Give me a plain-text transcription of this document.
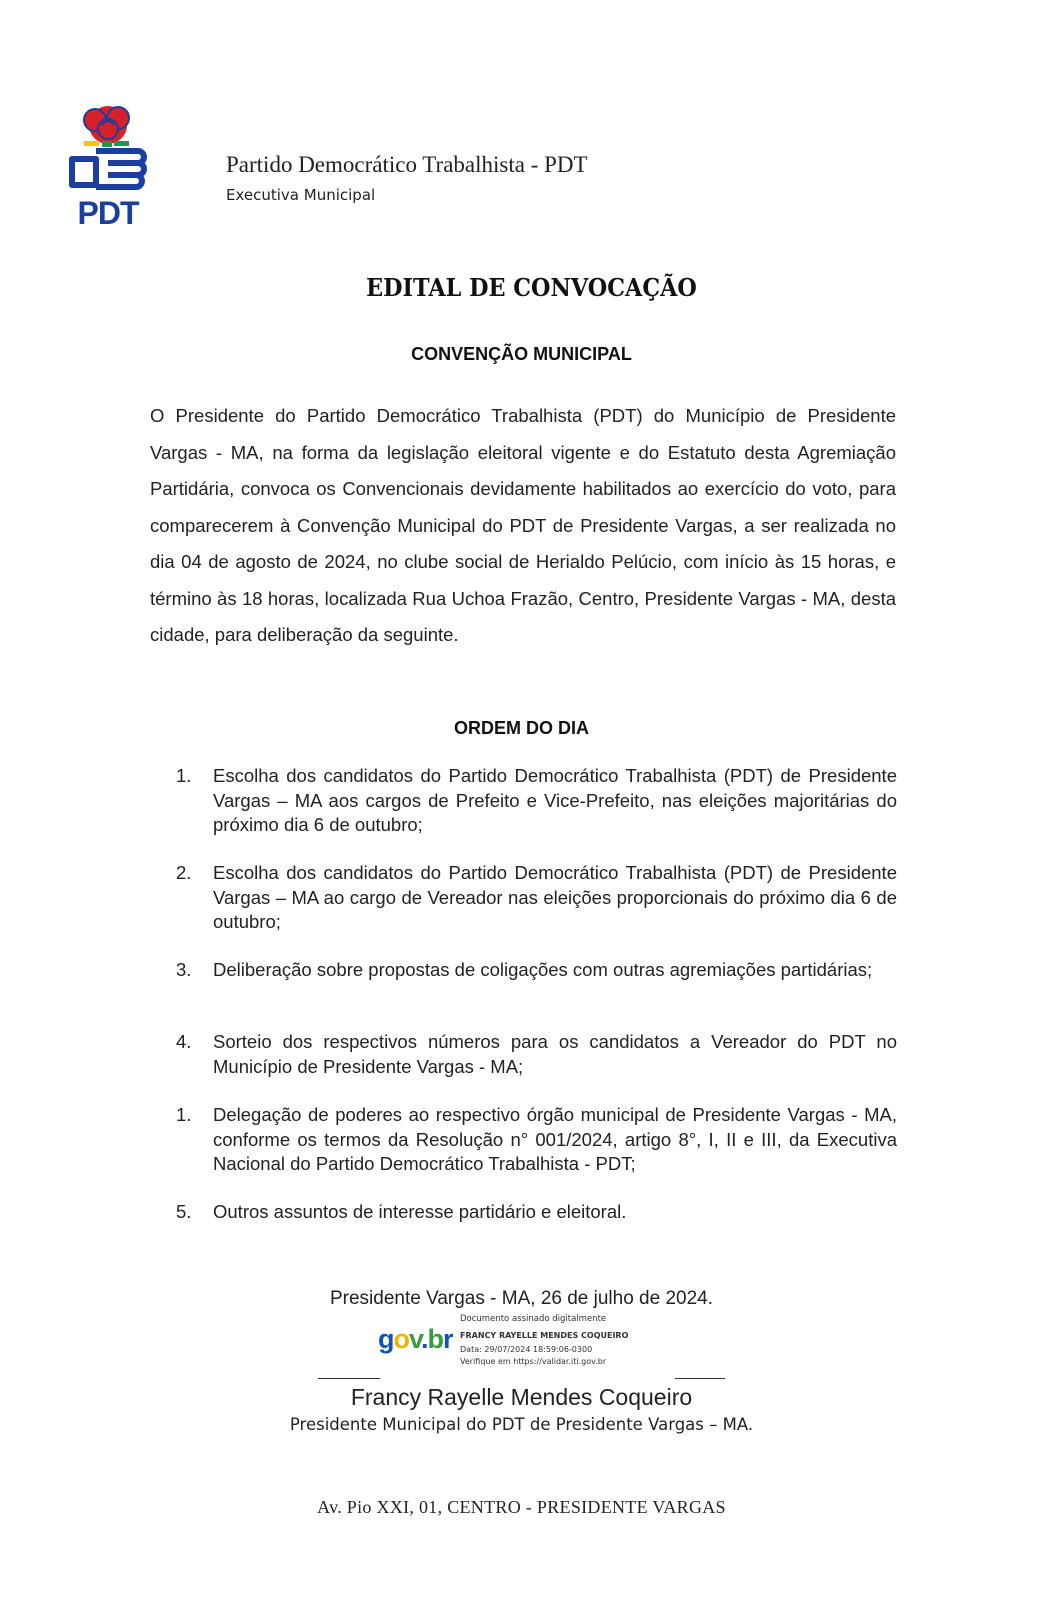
PDT
Partido Democrático Trabalhista - PDT
Executiva Municipal
EDITAL DE CONVOCAÇÃO
CONVENÇÃO MUNICIPAL
O Presidente do Partido Democrático Trabalhista (PDT) do Município de Presidente Vargas - MA, na forma da legislação eleitoral vigente e do Estatuto desta Agremiação Partidária, convoca os Convencionais devidamente habilitados ao exercício do voto, para comparecerem à Convenção Municipal do PDT de Presidente Vargas, a ser realizada no dia 04 de agosto de 2024, no clube social de Herialdo Pelúcio, com início às 15 horas, e término às 18 horas, localizada Rua Uchoa Frazão, Centro, Presidente Vargas - MA, desta cidade, para deliberação da seguinte.
ORDEM DO DIA
1.	Escolha dos candidatos do Partido Democrático Trabalhista (PDT) de Presidente Vargas – MA aos cargos de Prefeito e Vice-Prefeito, nas eleições majoritárias do próximo dia 6 de outubro;
2.	Escolha dos candidatos do Partido Democrático Trabalhista (PDT) de Presidente Vargas – MA ao cargo de Vereador nas eleições proporcionais do próximo dia 6 de outubro;
3.	Deliberação sobre propostas de coligações com outras agremiações partidárias;
4.	Sorteio dos respectivos números para os candidatos a Vereador do PDT no Município de Presidente Vargas - MA;
1.	Delegação de poderes ao respectivo órgão municipal de Presidente Vargas - MA, conforme os termos da Resolução n° 001/2024, artigo 8°, I, II e III, da Executiva Nacional do Partido Democrático Trabalhista - PDT;
5.	Outros assuntos de interesse partidário e eleitoral.
Presidente Vargas - MA, 26 de julho de 2024.
gov.br
Documento assinado digitalmente
FRANCY RAYELLE MENDES COQUEIRO
Data: 29/07/2024 18:59:06-0300
Verifique em https://validar.iti.gov.br
Francy Rayelle Mendes Coqueiro
Presidente Municipal do PDT de Presidente Vargas – MA.
Av. Pio XXI, 01, CENTRO - PRESIDENTE VARGAS
